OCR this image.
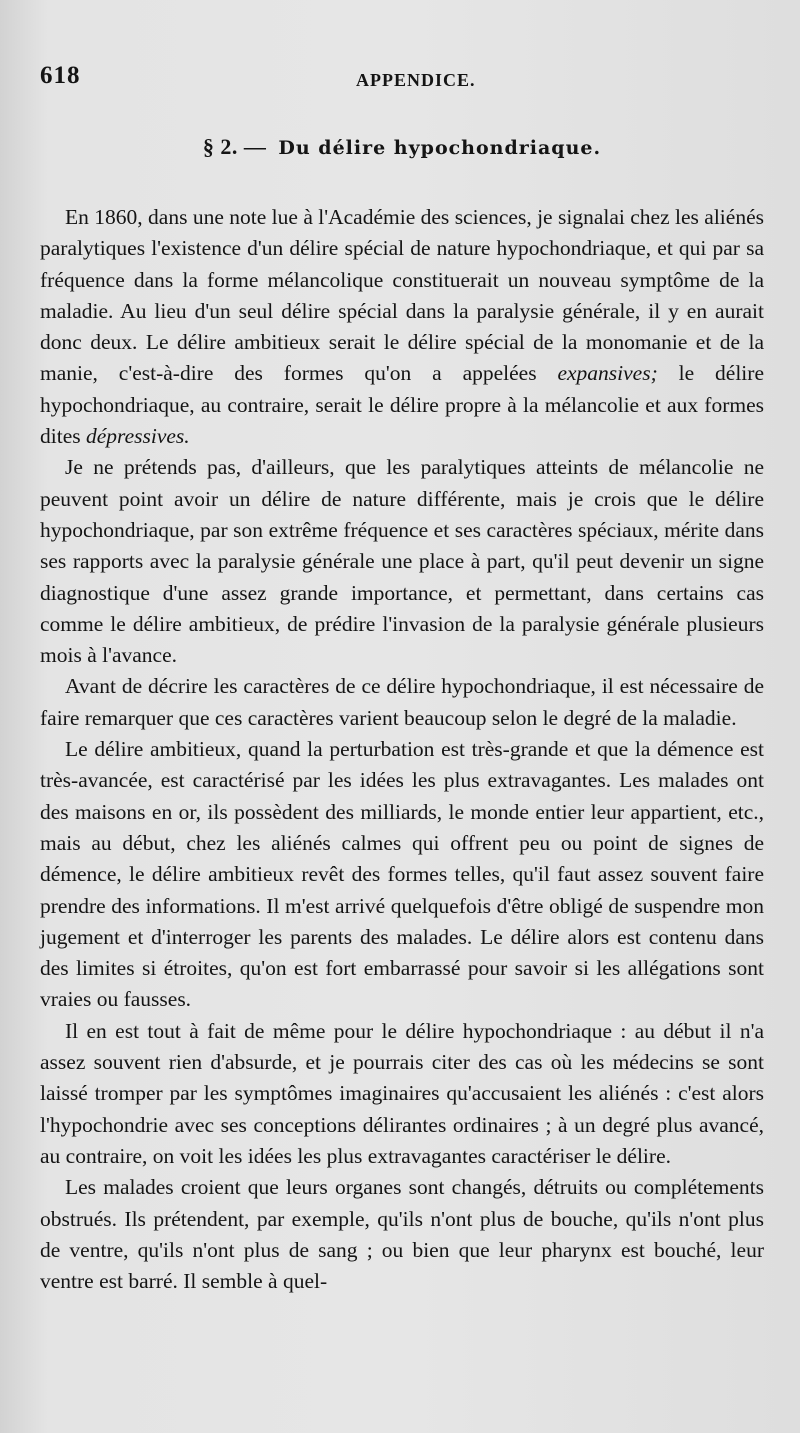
618	APPENDICE.
§ 2. — Du délire hypochondriaque.

En 1860, dans une note lue à l'Académie des sciences, je signalai chez les aliénés paralytiques l'existence d'un délire spécial de nature hypochondriaque, et qui par sa fréquence dans la forme mélancolique constituerait un nouveau symptôme de la maladie. Au lieu d'un seul délire spécial dans la paralysie générale, il y en aurait donc deux. Le délire ambitieux serait le délire spécial de la monomanie et de la manie, c'est-à-dire des formes qu'on a appelées expansives; le délire hypochondriaque, au contraire, serait le délire propre à la mélancolie et aux formes dites dépressives.

Je ne prétends pas, d'ailleurs, que les paralytiques atteints de mélancolie ne peuvent point avoir un délire de nature différente, mais je crois que le délire hypochondriaque, par son extrême fréquence et ses caractères spéciaux, mérite dans ses rapports avec la paralysie générale une place à part, qu'il peut devenir un signe diagnostique d'une assez grande importance, et permettant, dans certains cas comme le délire ambitieux, de prédire l'invasion de la paralysie générale plusieurs mois à l'avance.

Avant de décrire les caractères de ce délire hypochondriaque, il est nécessaire de faire remarquer que ces caractères varient beaucoup selon le degré de la maladie.

Le délire ambitieux, quand la perturbation est très-grande et que la démence est très-avancée, est caractérisé par les idées les plus extravagantes. Les malades ont des maisons en or, ils possèdent des milliards, le monde entier leur appartient, etc., mais au début, chez les aliénés calmes qui offrent peu ou point de signes de démence, le délire ambitieux revêt des formes telles, qu'il faut assez souvent faire prendre des informations. Il m'est arrivé quelquefois d'être obligé de suspendre mon jugement et d'interroger les parents des malades. Le délire alors est contenu dans des limites si étroites, qu'on est fort embarrassé pour savoir si les allégations sont vraies ou fausses.

Il en est tout à fait de même pour le délire hypochondriaque : au début il n'a assez souvent rien d'absurde, et je pourrais citer des cas où les médecins se sont laissé tromper par les symptômes imaginaires qu'accusaient les aliénés : c'est alors l'hypochondrie avec ses conceptions délirantes ordinaires ; à un degré plus avancé, au contraire, on voit les idées les plus extravagantes caractériser le délire.

Les malades croient que leurs organes sont changés, détruits ou complétements obstrués. Ils prétendent, par exemple, qu'ils n'ont plus de bouche, qu'ils n'ont plus de ventre, qu'ils n'ont plus de sang ; ou bien que leur pharynx est bouché, leur ventre est barré. Il semble à quel-
